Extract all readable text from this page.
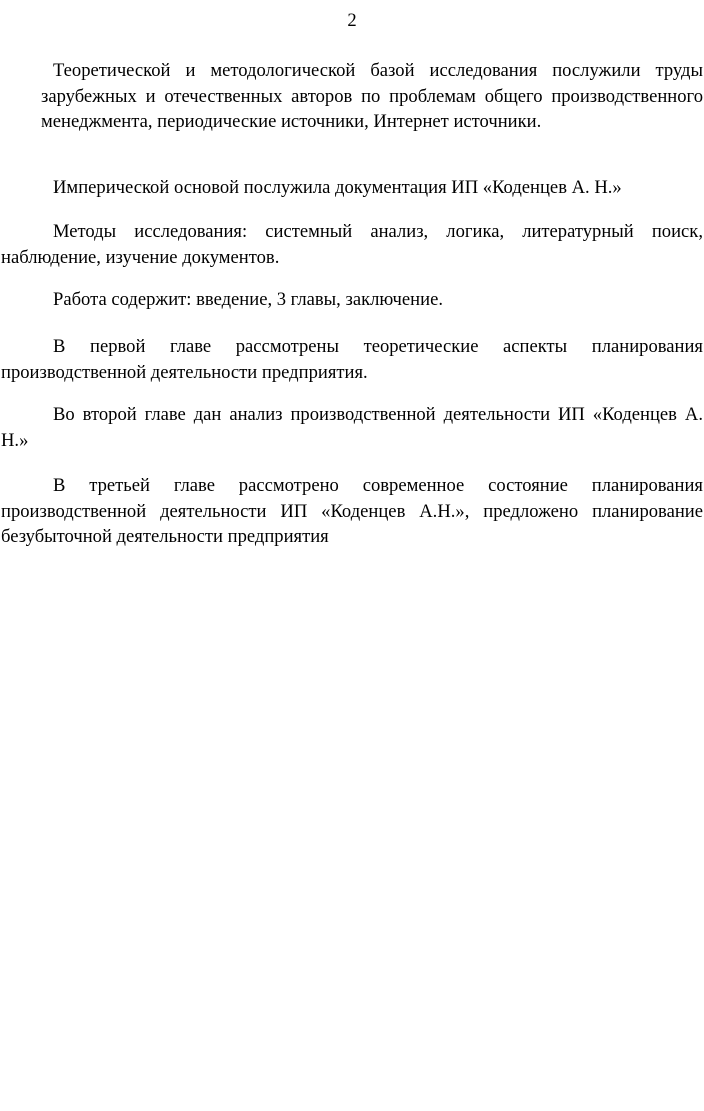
2

Теоретической и методологической базой исследования послужили труды зарубежных и отечественных авторов по проблемам общего производственного менеджмента, периодические источники, Интернет источники.

Имперической основой послужила документация ИП «Коденцев А. Н.»

Методы исследования: системный анализ, логика, литературный поиск, наблюдение, изучение документов.

Работа содержит: введение, 3 главы, заключение.

В первой главе рассмотрены теоретические аспекты планирования производственной деятельности предприятия.

Во второй главе дан анализ производственной деятельности ИП «Коденцев А. Н.»

В третьей главе рассмотрено современное состояние планирования производственной деятельности ИП «Коденцев А.Н.», предложено планирование безубыточной деятельности предприятия
